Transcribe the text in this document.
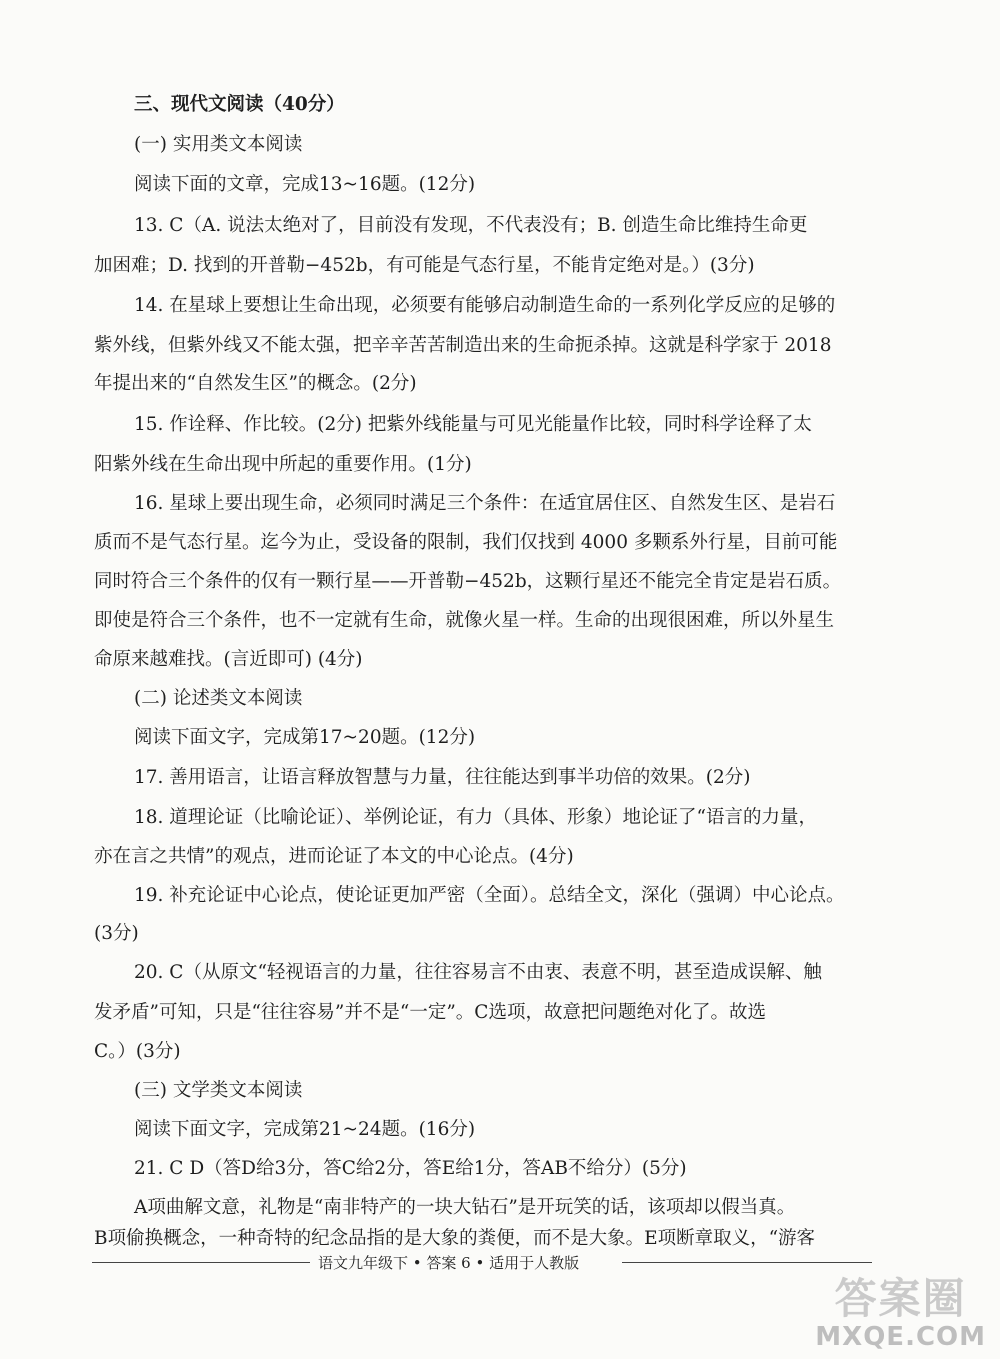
三、现代文阅读（40分）
(一) 实用类文本阅读
阅读下面的文章，完成13~16题。(12分)
13. C（A. 说法太绝对了，目前没有发现，不代表没有；B. 创造生命比维持生命更
加困难；D. 找到的开普勒−452b，有可能是气态行星，不能肯定绝对是。）(3分)
14. 在星球上要想让生命出现，必须要有能够启动制造生命的一系列化学反应的足够的
紫外线，但紫外线又不能太强，把辛辛苦苦制造出来的生命扼杀掉。这就是科学家于 2018
年提出来的“自然发生区”的概念。(2分)
15. 作诠释、作比较。(2分) 把紫外线能量与可见光能量作比较，同时科学诠释了太
阳紫外线在生命出现中所起的重要作用。(1分)
16. 星球上要出现生命，必须同时满足三个条件：在适宜居住区、自然发生区、是岩石
质而不是气态行星。迄今为止，受设备的限制，我们仅找到 4000 多颗系外行星，目前可能
同时符合三个条件的仅有一颗行星——开普勒−452b，这颗行星还不能完全肯定是岩石质。
即使是符合三个条件，也不一定就有生命，就像火星一样。生命的出现很困难，所以外星生
命原来越难找。(言近即可) (4分)
(二) 论述类文本阅读
阅读下面文字，完成第17~20题。(12分)
17. 善用语言，让语言释放智慧与力量，往往能达到事半功倍的效果。(2分)
18. 道理论证（比喻论证）、举例论证，有力（具体、形象）地论证了“语言的力量，
亦在言之共情”的观点，进而论证了本文的中心论点。(4分)
19. 补充论证中心论点，使论证更加严密（全面）。总结全文，深化（强调）中心论点。
(3分)
20. C（从原文“轻视语言的力量，往往容易言不由衷、表意不明，甚至造成误解、触
发矛盾”可知，只是“往往容易”并不是“一定”。C选项，故意把问题绝对化了。故选
C。）(3分)
(三) 文学类文本阅读
阅读下面文字，完成第21~24题。(16分)
21. C D（答D给3分，答C给2分，答E给1分，答AB不给分）(5分)
A项曲解文意，礼物是“南非特产的一块大钻石”是开玩笑的话，该项却以假当真。
B项偷换概念，一种奇特的纪念品指的是大象的粪便，而不是大象。E项断章取义，“游客
语文九年级下 • 答案 6 • 适用于人教版
答案圈
MXQE.COM
